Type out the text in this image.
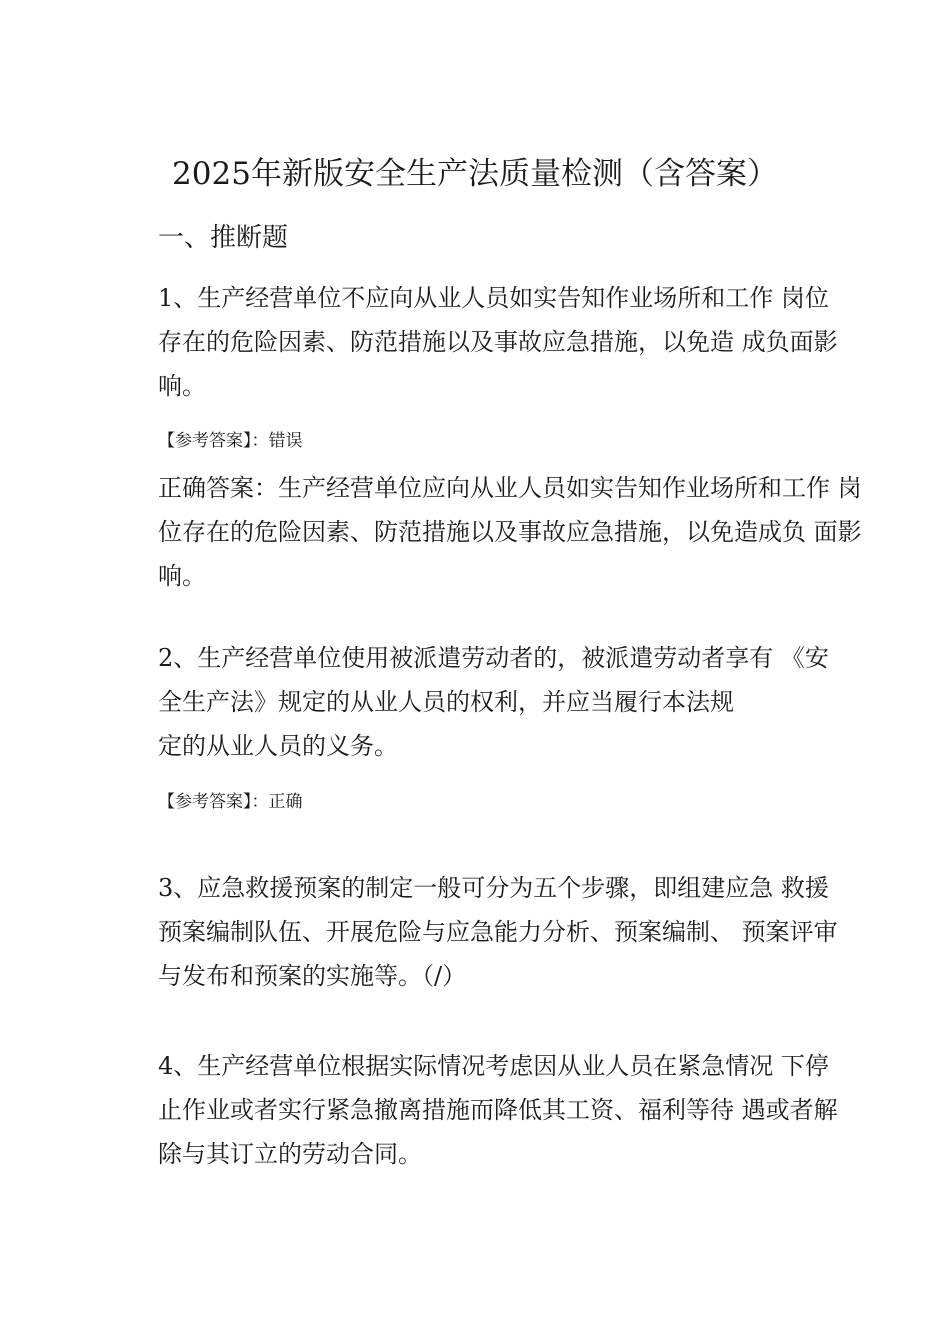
2025年新版安全生产法质量检测（含答案）
一、推断题
1、生产经营单位不应向从业人员如实告知作业场所和工作 岗位
存在的危险因素、防范措施以及事故应急措施，以免造 成负面影
响。
【参考答案】：错误
正确答案：生产经营单位应向从业人员如实告知作业场所和工作 岗
位存在的危险因素、防范措施以及事故应急措施，以免造成负 面影
响。
2、生产经营单位使用被派遣劳动者的，被派遣劳动者享有 《安
全生产法》规定的从业人员的权利，并应当履行本法规
定的从业人员的义务。
【参考答案】：正确
3、应急救援预案的制定一般可分为五个步骤，即组建应急 救援
预案编制队伍、开展危险与应急能力分析、预案编制、 预案评审
与发布和预案的实施等。（/）
4、生产经营单位根据实际情况考虑因从业人员在紧急情况 下停
止作业或者实行紧急撤离措施而降低其工资、福利等待 遇或者解
除与其订立的劳动合同。
